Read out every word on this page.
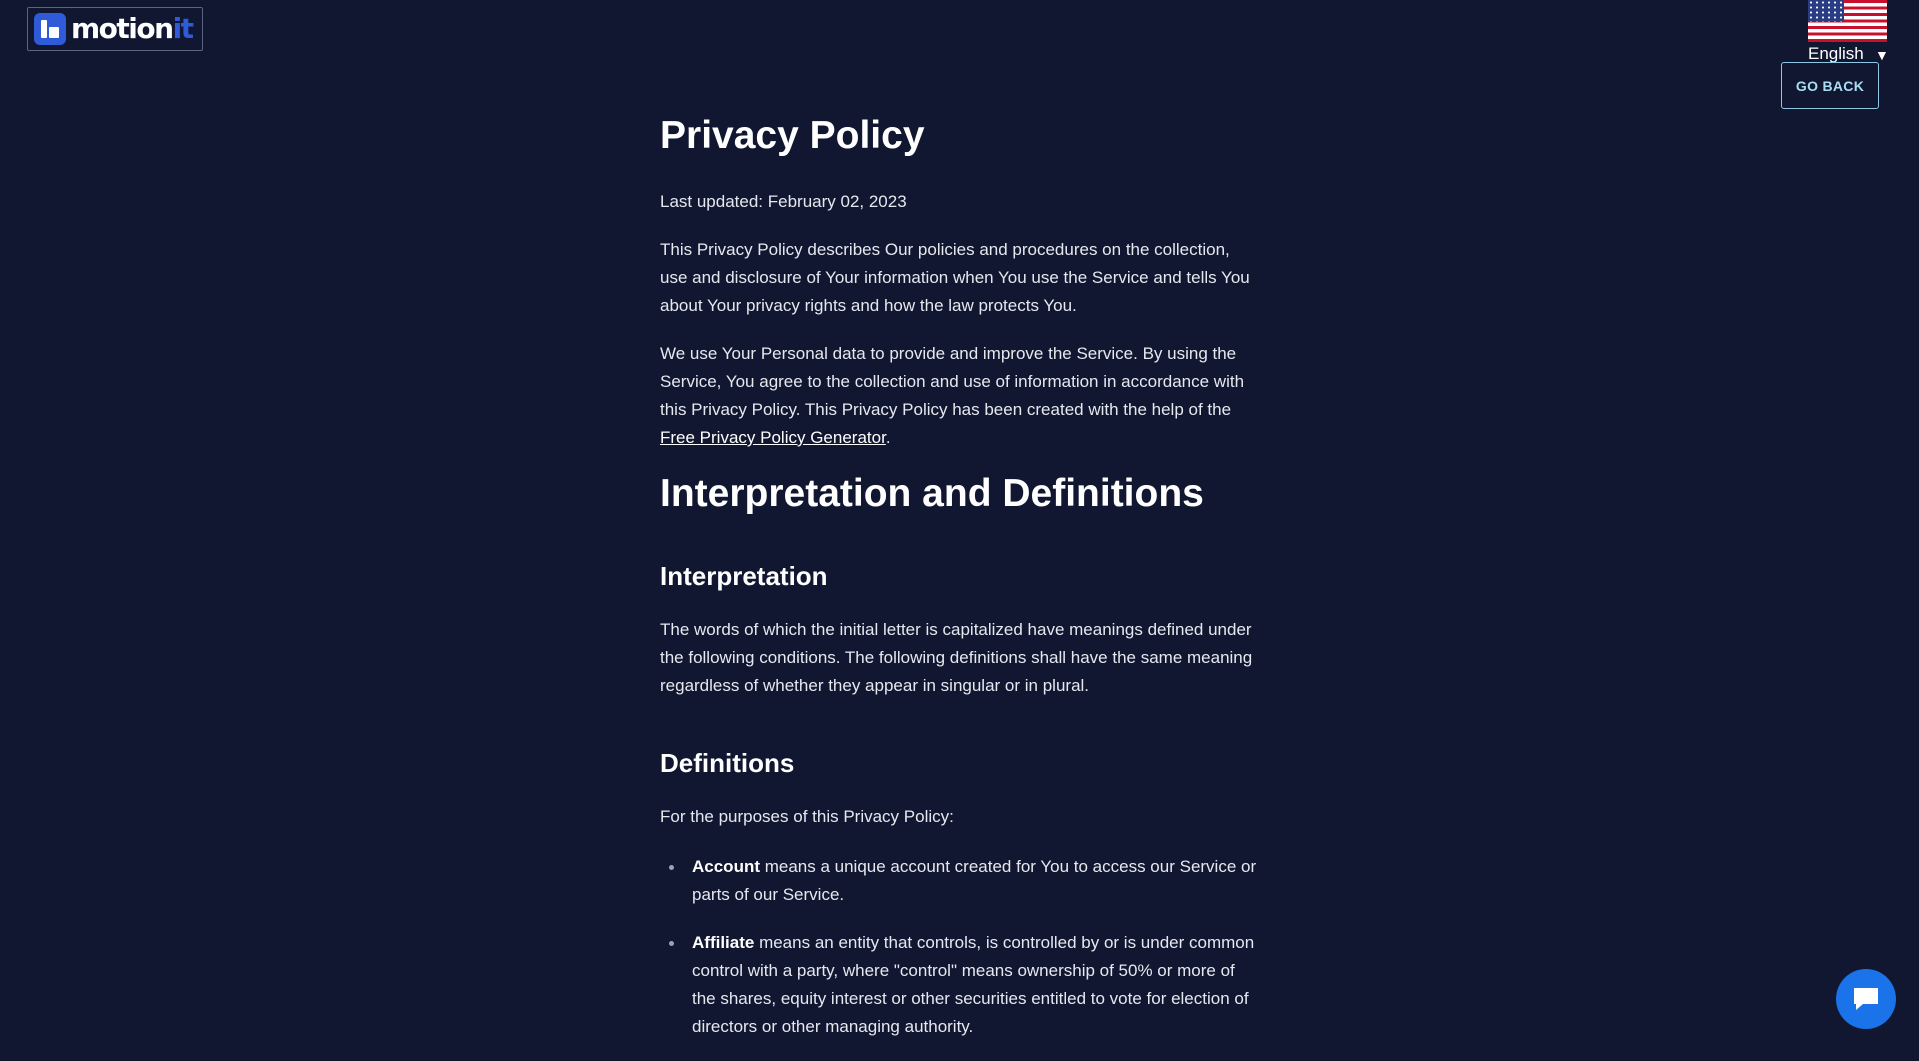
motionit
English ▼
GO BACK
Privacy Policy

Last updated: February 02, 2023

This Privacy Policy describes Our policies and procedures on the collection, use and disclosure of Your information when You use the Service and tells You about Your privacy rights and how the law protects You.

We use Your Personal data to provide and improve the Service. By using the Service, You agree to the collection and use of information in accordance with this Privacy Policy. This Privacy Policy has been created with the help of the Free Privacy Policy Generator.

Interpretation and Definitions
Interpretation

The words of which the initial letter is capitalized have meanings defined under the following conditions. The following definitions shall have the same meaning regardless of whether they appear in singular or in plural.

Definitions

For the purposes of this Privacy Policy:

Account means a unique account created for You to access our Service or parts of our Service.
Affiliate means an entity that controls, is controlled by or is under common control with a party, where "control" means ownership of 50% or more of the shares, equity interest or other securities entitled to vote for election of directors or other managing authority.
